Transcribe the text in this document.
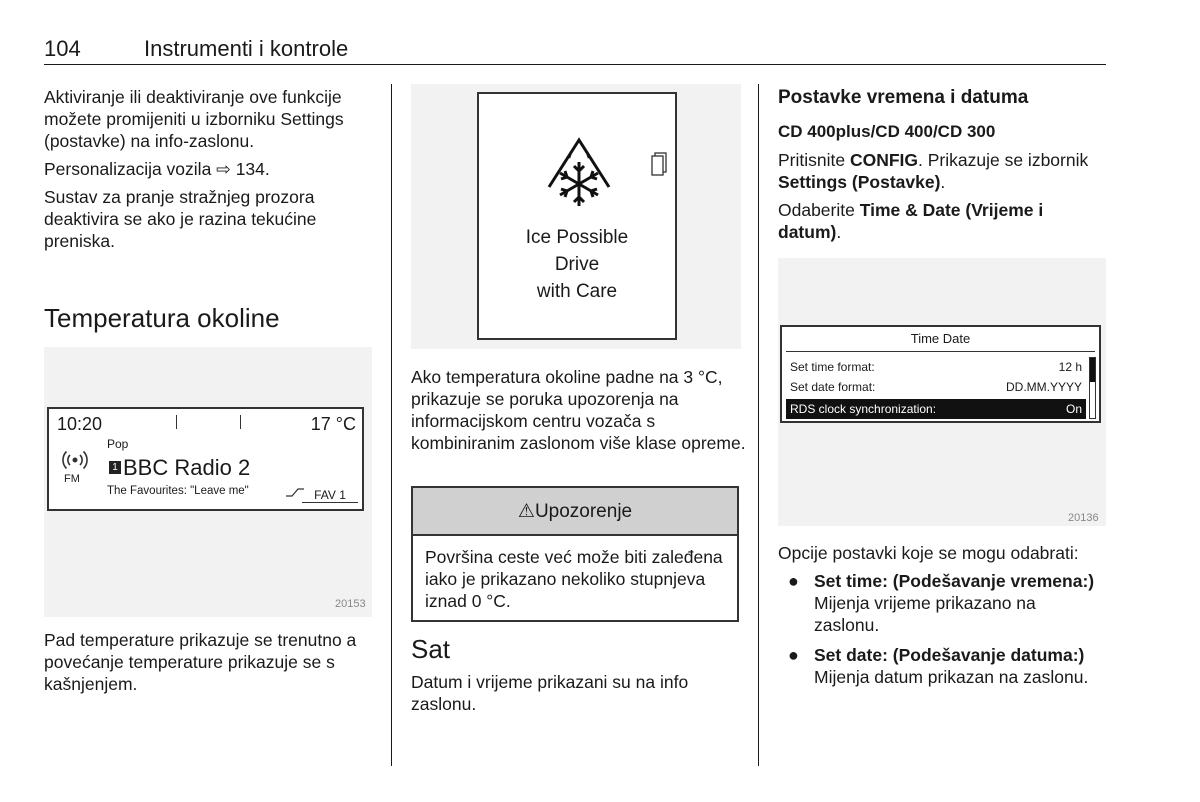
104	Instrumenti i kontrole

Aktiviranje ili deaktiviranje ove funkcije možete promijeniti u izborniku Settings (postavke) na info-zaslonu.

Personalizacija vozila ⇨ 134.

Sustav za pranje stražnjeg prozora deaktivira se ako je razina tekućine preniska.

Temperatura okoline
10:20	17 °C
Pop
FM
1 BBC Radio 2
The Favourites: "Leave me"	FAV 1
20153

Pad temperature prikazuje se trenutno a povećanje temperature prikazuje se s kašnjenjem.

Ice Possible
Drive
with Care

Ako temperatura okoline padne na 3 °C, prikazuje se poruka upozorenja na informacijskom centru vozača s kombiniranim zaslonom više klase opreme.

⚠Upozorenje
Površina ceste već može biti zaleđena iako je prikazano nekoliko stupnjeva iznad 0 °C.
Sat

Datum i vrijeme prikazani su na info zaslonu.

Postavke vremena i datuma
CD 400plus/CD 400/CD 300

Pritisnite CONFIG. Prikazuje se izbornik Settings (Postavke).

Odaberite Time & Date (Vrijeme i datum).

Time Date
Set time format:	12 h
Set date format:	DD.MM.YYYY
RDS clock synchronization:	On
20136

Opcije postavki koje se mogu odabrati:

● Set time: (Podešavanje vremena:) Mijenja vrijeme prikazano na zaslonu.
● Set date: (Podešavanje datuma:) Mijenja datum prikazan na zaslonu.
